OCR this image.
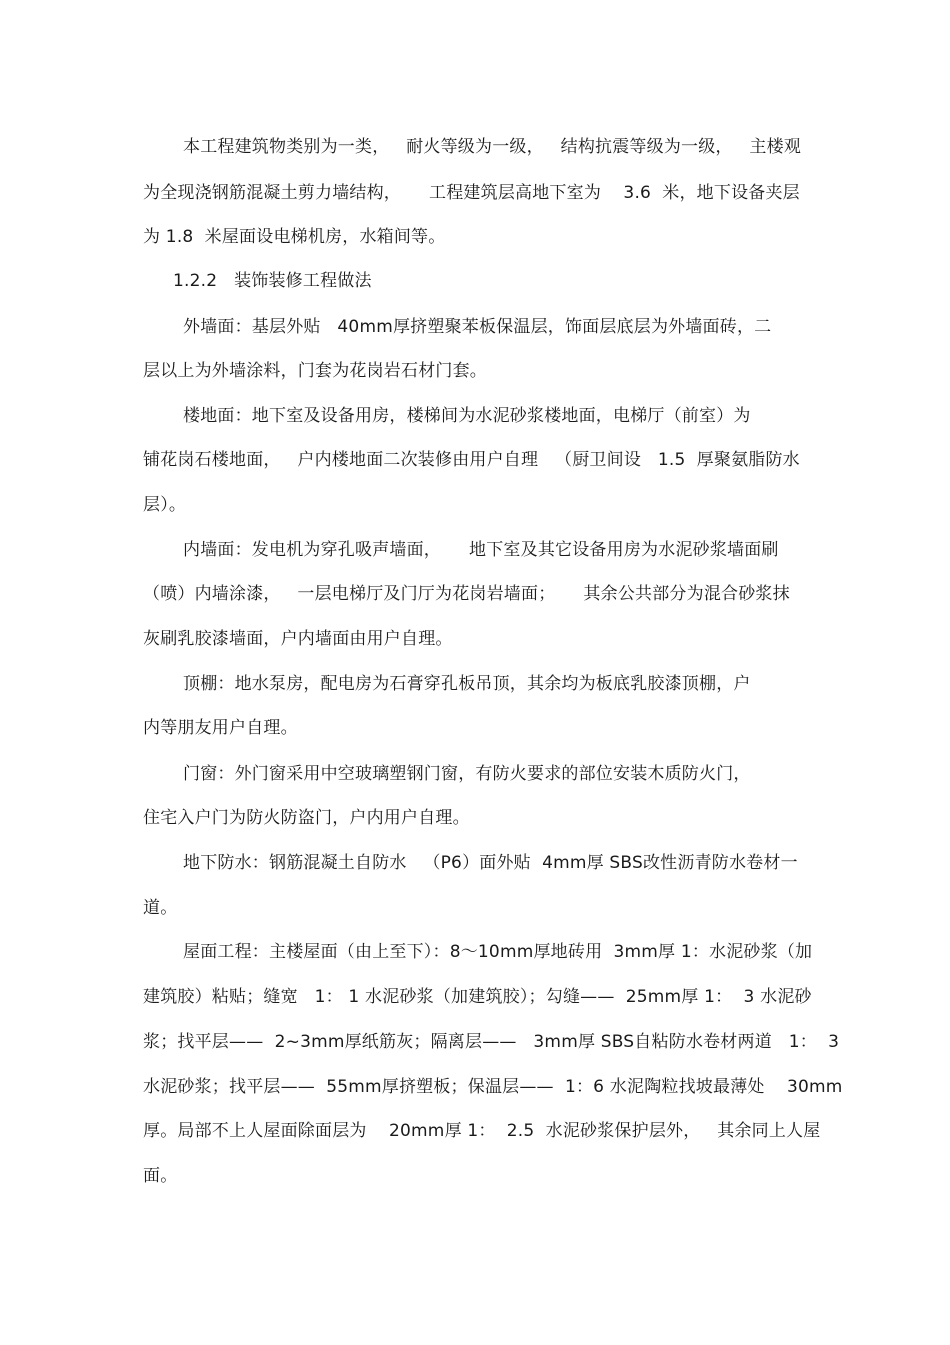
本工程建筑物类别为一类，   耐火等级为一级，   结构抗震等级为一级，   主楼观
为全现浇钢筋混凝土剪力墙结构，     工程建筑层高地下室为    3.6  米，地下设备夹层
为 1.8  米屋面设电梯机房，水箱间等。
1.2.2   装饰装修工程做法
外墙面：基层外贴   40mm厚挤塑聚苯板保温层，饰面层底层为外墙面砖，二
层以上为外墙涂料，门套为花岗岩石材门套。
楼地面：地下室及设备用房，楼梯间为水泥砂浆楼地面，电梯厅（前室）为
铺花岗石楼地面，   户内楼地面二次装修由用户自理   （厨卫间设   1.5  厚聚氨脂防水
层）。
内墙面：发电机为穿孔吸声墙面，     地下室及其它设备用房为水泥砂浆墙面刷
（喷）内墙涂漆，   一层电梯厅及门厅为花岗岩墙面；     其余公共部分为混合砂浆抹
灰刷乳胶漆墙面，户内墙面由用户自理。
顶棚：地水泵房，配电房为石膏穿孔板吊顶，其余均为板底乳胶漆顶棚，户
内等朋友用户自理。
门窗：外门窗采用中空玻璃塑钢门窗，有防火要求的部位安装木质防火门，
住宅入户门为防火防盗门，户内用户自理。
地下防水：钢筋混凝土自防水   （P6）面外贴  4mm厚 SBS改性沥青防水卷材一
道。
屋面工程：主楼屋面（由上至下）：8～10mm厚地砖用  3mm厚 1：水泥砂浆（加
建筑胶）粘贴；缝宽   1： 1 水泥砂浆（加建筑胶）；勾缝——  25mm厚 1：  3 水泥砂
浆；找平层——  2~3mm厚纸筋灰；隔离层——   3mm厚 SBS自粘防水卷材两道   1：  3
水泥砂浆；找平层——  55mm厚挤塑板；保温层——  1：6 水泥陶粒找坡最薄处    30mm
厚。局部不上人屋面除面层为    20mm厚 1：  2.5  水泥砂浆保护层外，   其余同上人屋
面。
